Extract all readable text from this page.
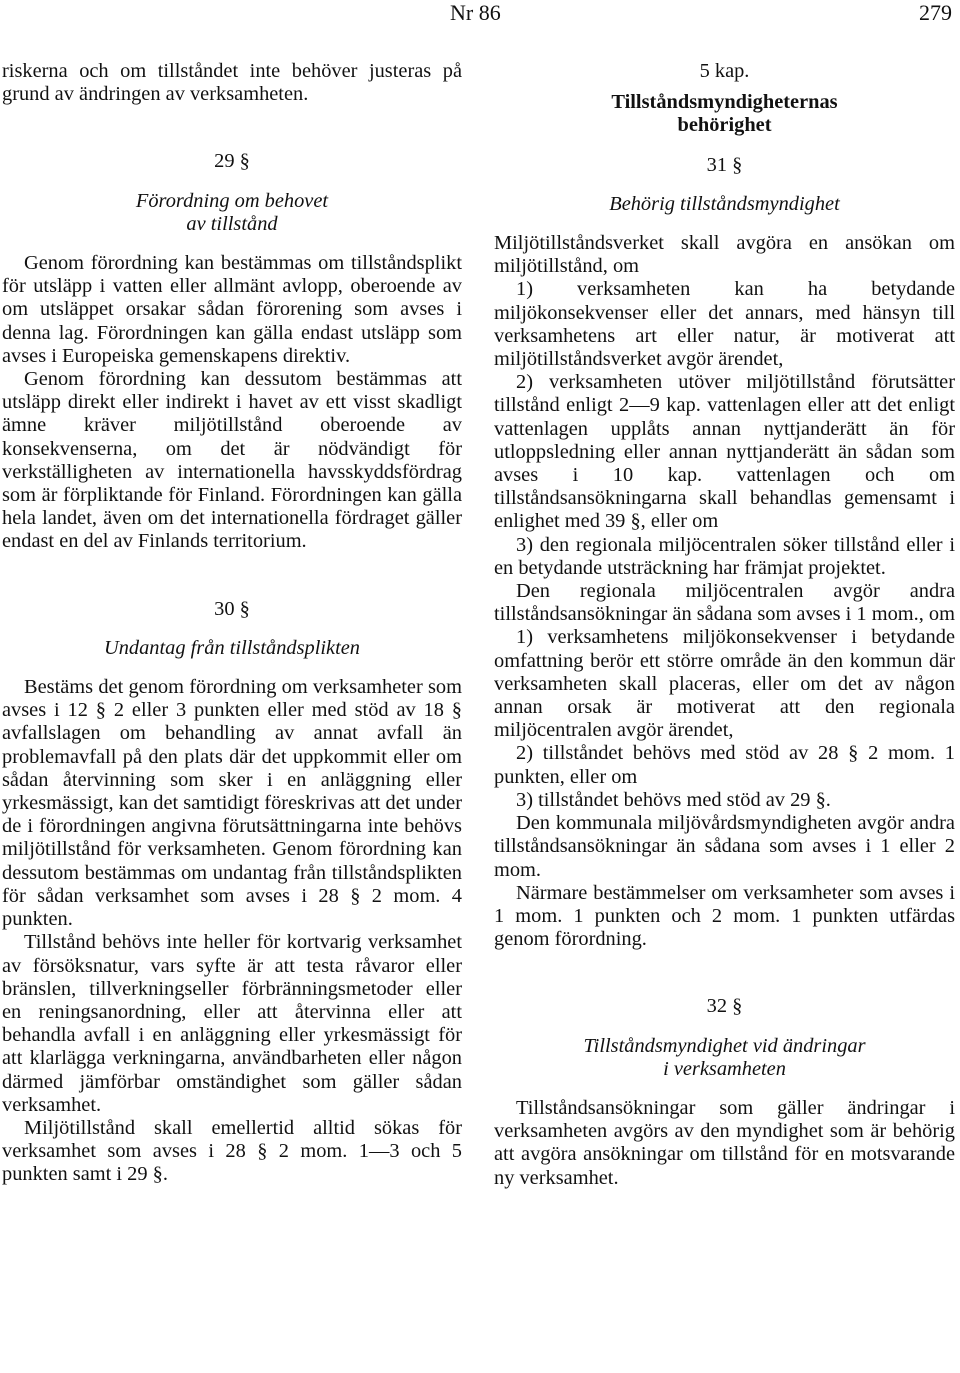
Nr 86	279

riskerna och om tillståndet inte behöver justeras på grund av ändringen av verksamheten.

29 §
Förordning om behovet
av tillstånd

Genom förordning kan bestämmas om tillståndsplikt för utsläpp i vatten eller allmänt avlopp, oberoende av om utsläppet orsakar sådan förorening som avses i denna lag. Förordningen kan gälla endast utsläpp som avses i Europeiska gemenskapens direktiv.

Genom förordning kan dessutom bestämmas att utsläpp direkt eller indirekt i havet av ett visst skadligt ämne kräver miljötillstånd oberoende av konsekvenserna, om det är nödvändigt för verkställigheten av internationella havsskyddsfördrag som är förpliktande för Finland. Förordningen kan gälla hela landet, även om det internationella fördraget gäller endast en del av Finlands territorium.

30 §
Undantag från tillståndsplikten

Bestäms det genom förordning om verksamheter som avses i 12 § 2 eller 3 punkten eller med stöd av 18 § avfallslagen om behandling av annat avfall än problemavfall på den plats där det uppkommit eller om sådan återvinning som sker i en anläggning eller yrkesmässigt, kan det samtidigt föreskrivas att det under de i förordningen angivna förutsättningarna inte behövs miljötillstånd för verksamheten. Genom förordning kan dessutom bestämmas om undantag från tillståndsplikten för sådan verksamhet som avses i 28 § 2 mom. 4 punkten.

Tillstånd behövs inte heller för kortvarig verksamhet av försöksnatur, vars syfte är att testa råvaror eller bränslen, tillverkningseller förbränningsmetoder eller en reningsanordning, eller att återvinna eller att behandla avfall i en anläggning eller yrkesmässigt för att klarlägga verkningarna, användbarheten eller någon därmed jämförbar omständighet som gäller sådan verksamhet.

Miljötillstånd skall emellertid alltid sökas för verksamhet som avses i 28 § 2 mom. 1—3 och 5 punkten samt i 29 §.

5 kap.
Tillståndsmyndigheternas
behörighet
31 §
Behörig tillståndsmyndighet

Miljötillståndsverket skall avgöra en ansökan om miljötillstånd, om

1) verksamheten kan ha betydande miljökonsekvenser eller det annars, med hänsyn till verksamhetens art eller natur, är motiverat att miljötillståndsverket avgör ärendet,

2) verksamheten utöver miljötillstånd förutsätter tillstånd enligt 2—9 kap. vattenlagen eller att det enligt vattenlagen upplåts annan nyttjanderätt än för utloppsledning eller annan nyttjanderätt än sådan som avses i 10 kap. vattenlagen och om tillståndsansökningarna skall behandlas gemensamt i enlighet med 39 §, eller om

3) den regionala miljöcentralen söker tillstånd eller i en betydande utsträckning har främjat projektet.

Den regionala miljöcentralen avgör andra tillståndsansökningar än sådana som avses i 1 mom., om

1) verksamhetens miljökonsekvenser i betydande omfattning berör ett större område än den kommun där verksamheten skall placeras, eller om det av någon annan orsak är motiverat att den regionala miljöcentralen avgör ärendet,

2) tillståndet behövs med stöd av 28 § 2 mom. 1 punkten, eller om

3) tillståndet behövs med stöd av 29 §.

Den kommunala miljövårdsmyndigheten avgör andra tillståndsansökningar än sådana som avses i 1 eller 2 mom.

Närmare bestämmelser om verksamheter som avses i 1 mom. 1 punkten och 2 mom. 1 punkten utfärdas genom förordning.

32 §
Tillståndsmyndighet vid ändringar
i verksamheten

Tillståndsansökningar som gäller ändringar i verksamheten avgörs av den myndighet som är behörig att avgöra ansökningar om tillstånd för en motsvarande ny verksamhet.
